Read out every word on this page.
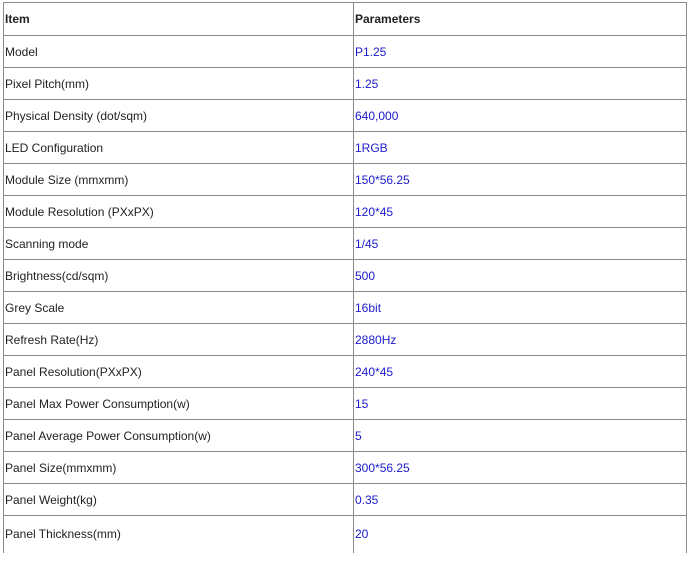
Item	Parameters
Model	P1.25
Pixel Pitch(mm)	1.25
Physical Density (dot/sqm)	640,000
LED Configuration	1RGB
Module Size (mmxmm)	150*56.25
Module Resolution (PXxPX)	120*45
Scanning mode	1/45
Brightness(cd/sqm)	500
Grey Scale	16bit
Refresh Rate(Hz)	2880Hz
Panel Resolution(PXxPX)	240*45
Panel Max Power Consumption(w)	15
Panel Average Power Consumption(w)	5
Panel Size(mmxmm)	300*56.25
Panel Weight(kg)	0.35
Panel Thickness(mm)	20
